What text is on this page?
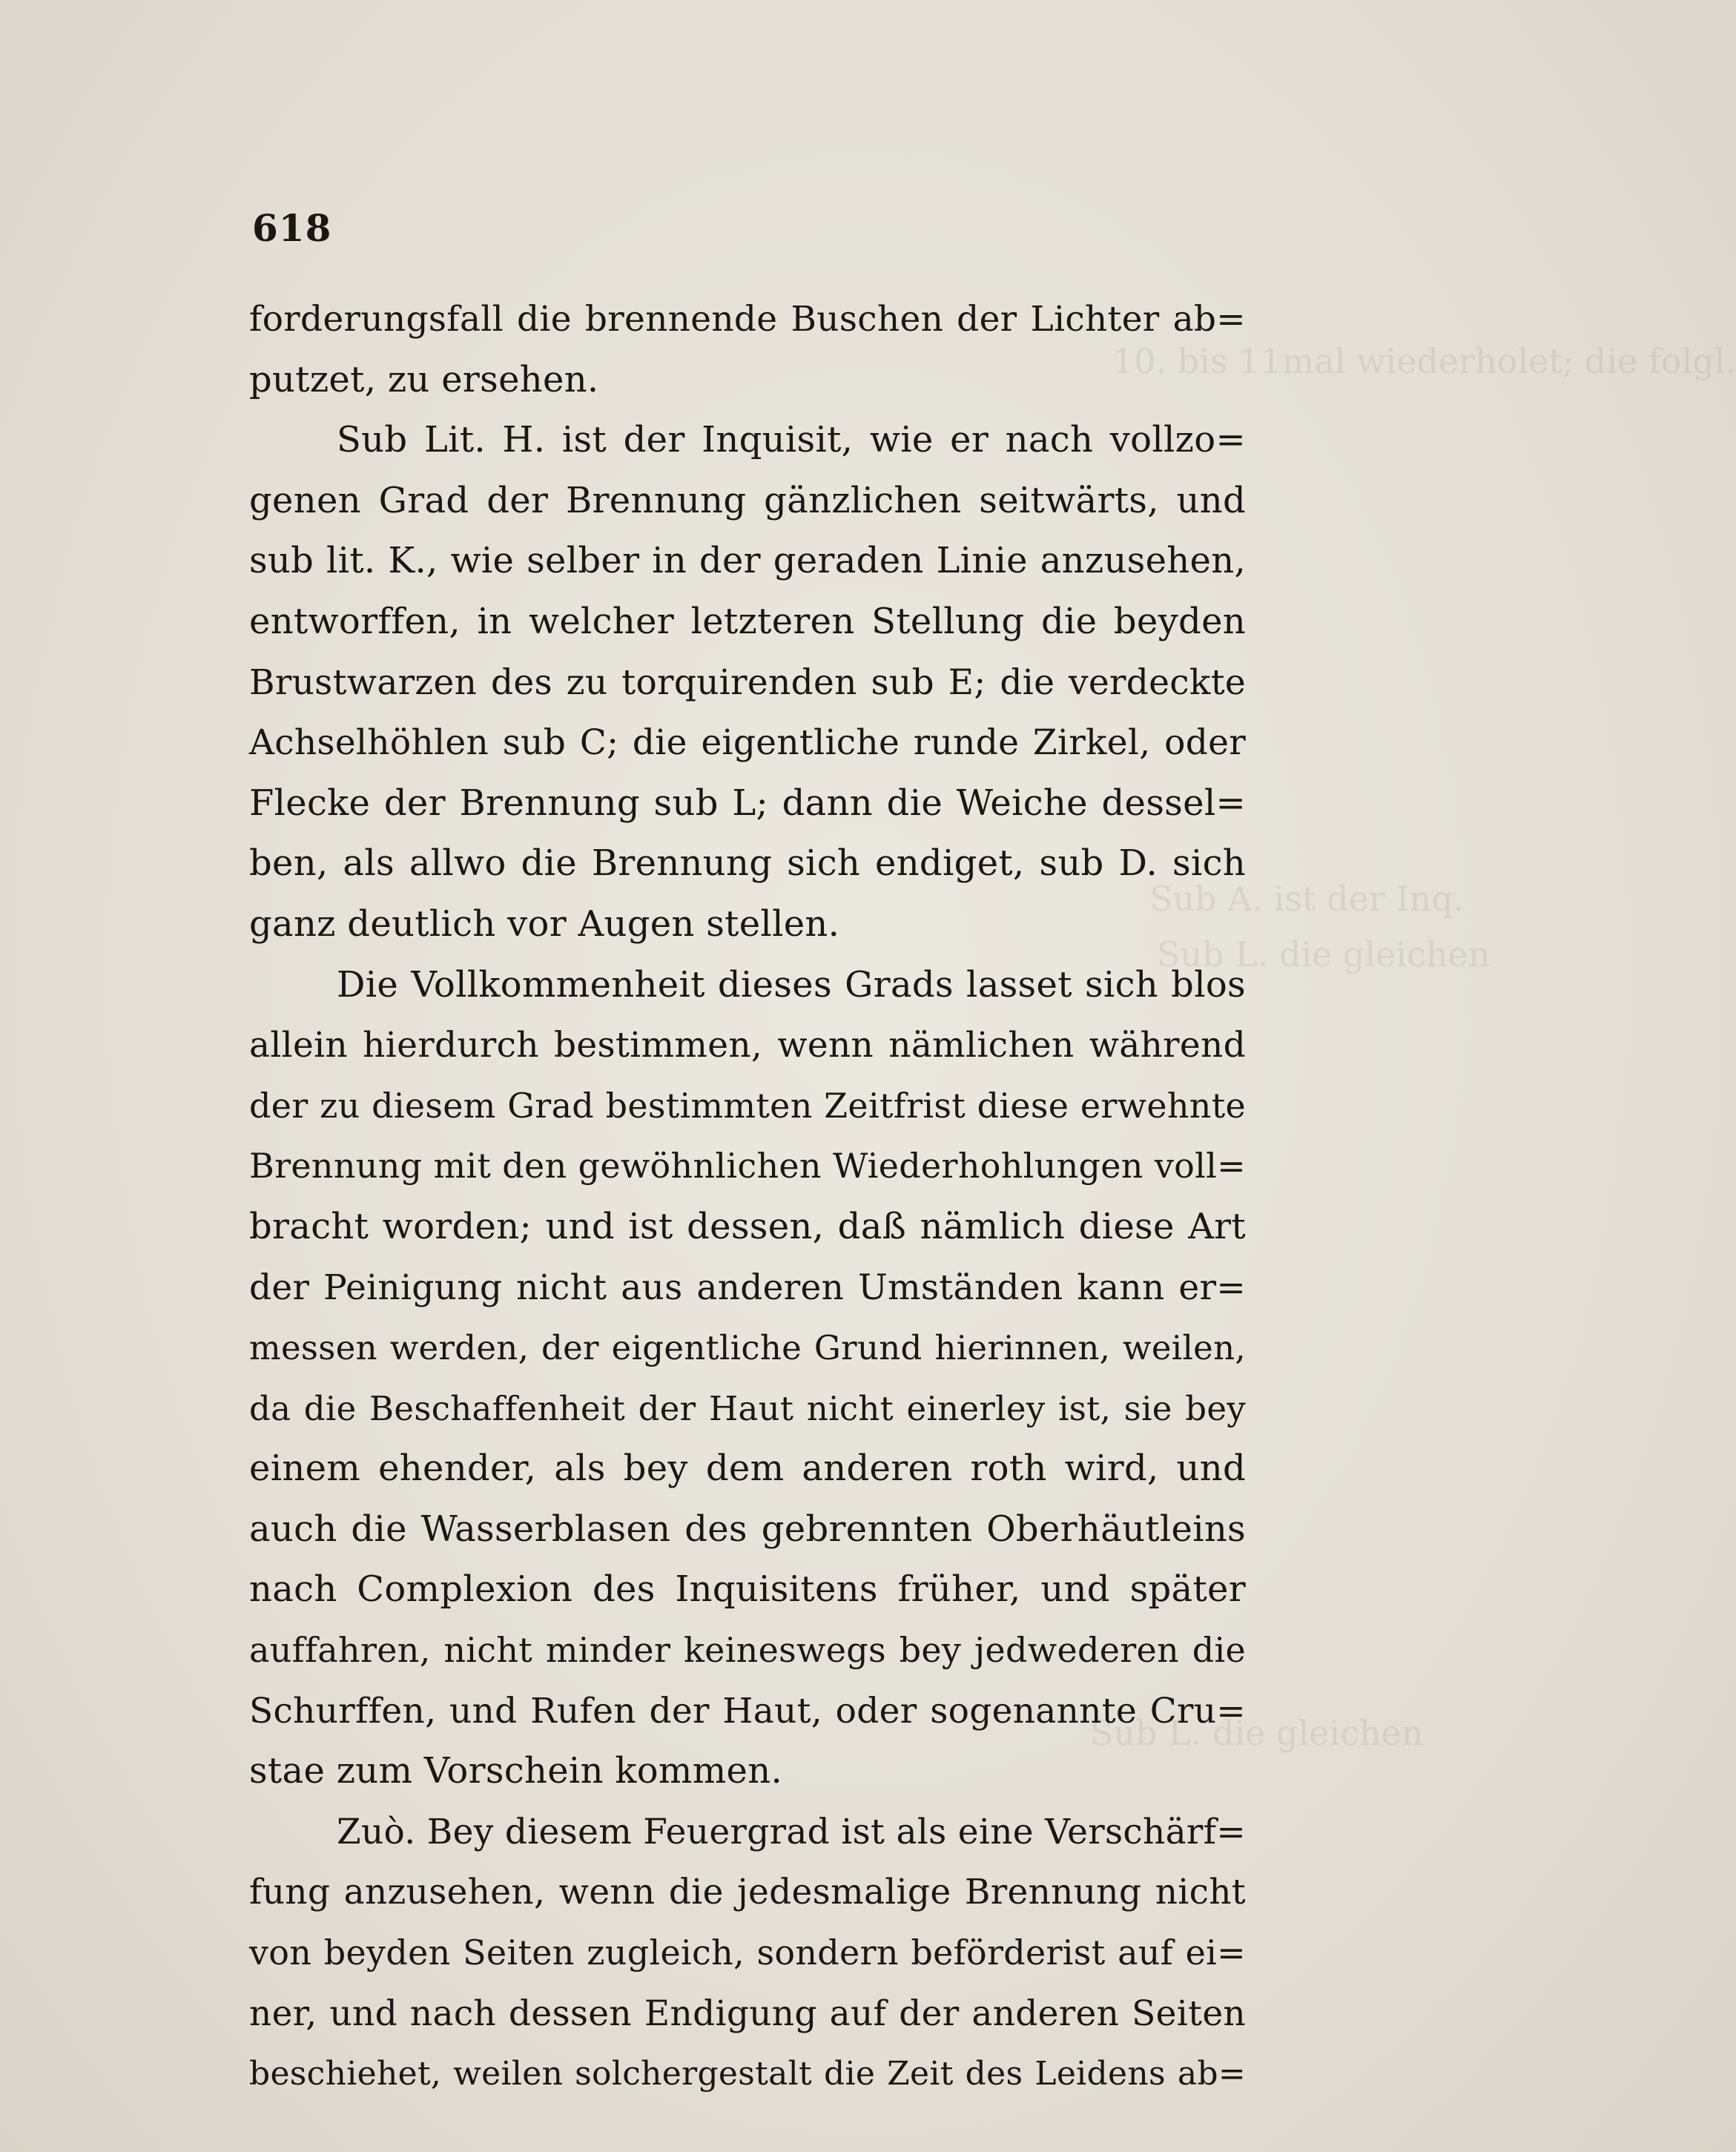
10. bis 11mal wiederholet; die folgl.
Sub A. ist der Inq.
Sub L. die gleichen
Sub L. die gleichen
618
forderungsfall die brennende Buschen der Lichter ab=
putzet, zu ersehen.
Sub Lit. H. ist der Inquisit, wie er nach vollzo=
genen Grad der Brennung gänzlichen seitwärts, und
sub lit. K., wie selber in der geraden Linie anzusehen,
entworffen, in welcher letzteren Stellung die beyden
Brustwarzen des zu torquirenden sub E; die verdeckte
Achselhöhlen sub C; die eigentliche runde Zirkel, oder
Flecke der Brennung sub L; dann die Weiche dessel=
ben, als allwo die Brennung sich endiget, sub D. sich
ganz deutlich vor Augen stellen.
Die Vollkommenheit dieses Grads lasset sich blos
allein hierdurch bestimmen, wenn nämlichen während
der zu diesem Grad bestimmten Zeitfrist diese erwehnte
Brennung mit den gewöhnlichen Wiederhohlungen voll=
bracht worden; und ist dessen, daß nämlich diese Art
der Peinigung nicht aus anderen Umständen kann er=
messen werden, der eigentliche Grund hierinnen, weilen,
da die Beschaffenheit der Haut nicht einerley ist, sie bey
einem ehender, als bey dem anderen roth wird, und
auch die Wasserblasen des gebrennten Oberhäutleins
nach Complexion des Inquisitens früher, und später
auffahren, nicht minder keineswegs bey jedwederen die
Schurffen, und Rufen der Haut, oder sogenannte Cru=
stae zum Vorschein kommen.
Zuò. Bey diesem Feuergrad ist als eine Verschärf=
fung anzusehen, wenn die jedesmalige Brennung nicht
von beyden Seiten zugleich, sondern beförderist auf ei=
ner, und nach dessen Endigung auf der anderen Seiten
beschiehet, weilen solchergestalt die Zeit des Leidens ab=
